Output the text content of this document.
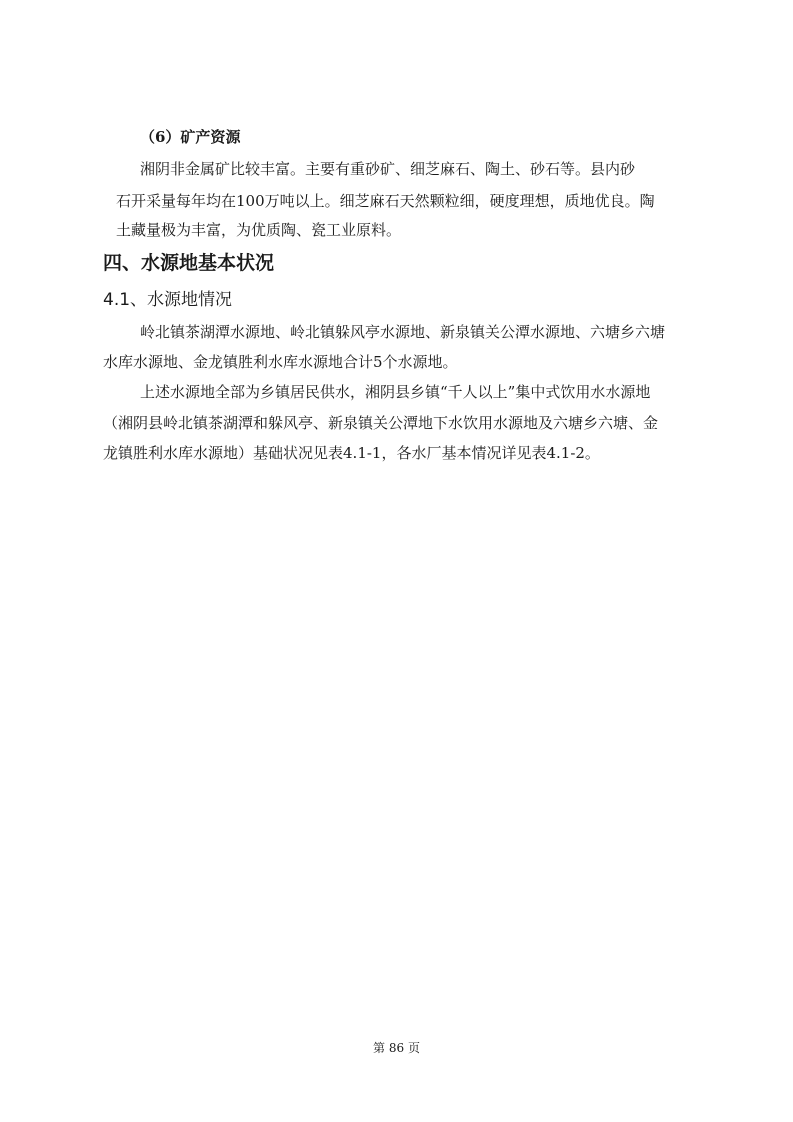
（6）矿产资源
湘阴非金属矿比较丰富。主要有重砂矿、细芝麻石、陶土、砂石等。县内砂
石开采量每年均在100万吨以上。细芝麻石天然颗粒细，硬度理想，质地优良。陶
土藏量极为丰富，为优质陶、瓷工业原料。
四、水源地基本状况
4.1、水源地情况
岭北镇茶湖潭水源地、岭北镇躲风亭水源地、新泉镇关公潭水源地、六塘乡六塘
水库水源地、金龙镇胜利水库水源地合计5个水源地。
上述水源地全部为乡镇居民供水，湘阴县乡镇“千人以上”集中式饮用水水源地
（湘阴县岭北镇茶湖潭和躲风亭、新泉镇关公潭地下水饮用水源地及六塘乡六塘、金
龙镇胜利水库水源地）基础状况见表4.1-1，各水厂基本情况详见表4.1-2。
第 86 页
